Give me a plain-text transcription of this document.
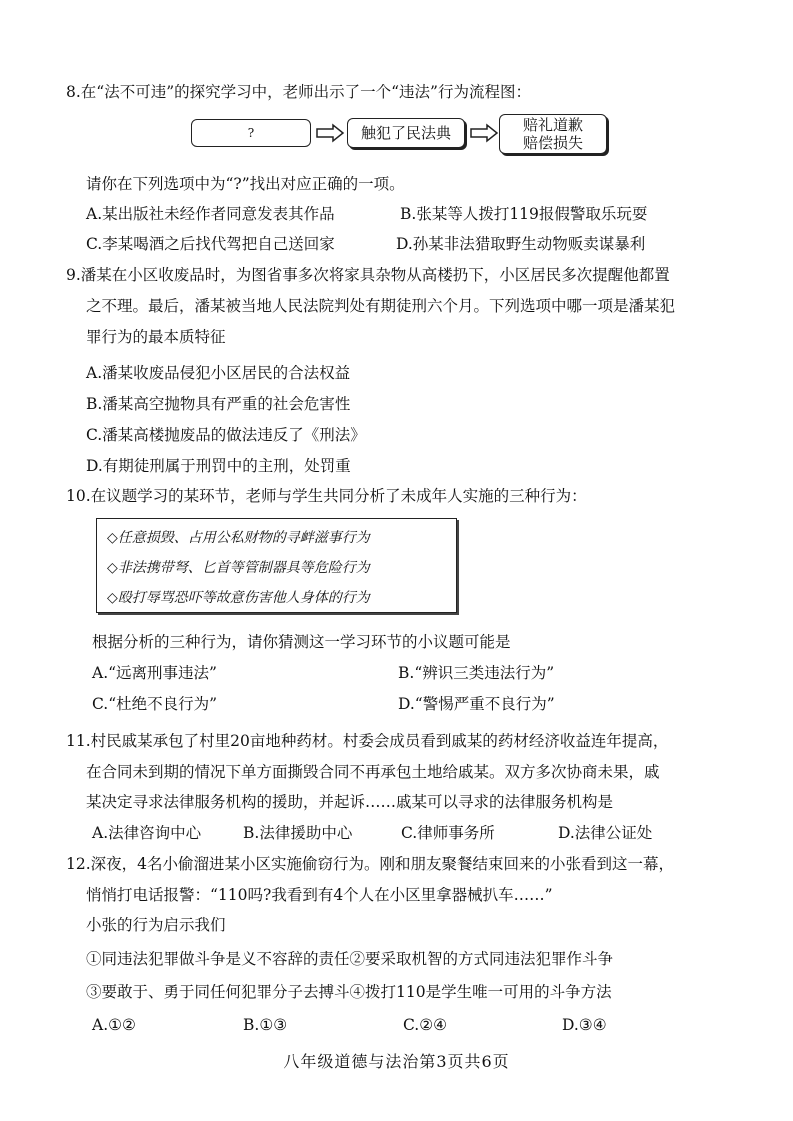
8.在“法不可违”的探究学习中，老师出示了一个“违法”行为流程图：
?	触犯了民法典	赔礼道歉
赔偿损失
请你在下列选项中为“?”找出对应正确的一项。
A.某出版社未经作者同意发表其作品	B.张某等人拨打119报假警取乐玩耍
C.李某喝酒之后找代驾把自己送回家	D.孙某非法猎取野生动物贩卖谋暴利
9.潘某在小区收废品时，为图省事多次将家具杂物从高楼扔下，小区居民多次提醒他都置
之不理。最后，潘某被当地人民法院判处有期徒刑六个月。下列选项中哪一项是潘某犯
罪行为的最本质特征
A.潘某收废品侵犯小区居民的合法权益
B.潘某高空抛物具有严重的社会危害性
C.潘某高楼抛废品的做法违反了《刑法》
D.有期徒刑属于刑罚中的主刑，处罚重
10.在议题学习的某环节，老师与学生共同分析了未成年人实施的三种行为：
◇任意损毁、占用公私财物的寻衅滋事行为
◇非法携带弩、匕首等管制器具等危险行为
◇殴打辱骂恐吓等故意伤害他人身体的行为
根据分析的三种行为，请你猜测这一学习环节的小议题可能是
A.“远离刑事违法”	B.“辨识三类违法行为”
C.“杜绝不良行为”	D.“警惕严重不良行为”
11.村民戚某承包了村里20亩地种药材。村委会成员看到戚某的药材经济收益连年提高，
在合同未到期的情况下单方面撕毁合同不再承包土地给戚某。双方多次协商未果，戚
某决定寻求法律服务机构的援助，并起诉……戚某可以寻求的法律服务机构是
A.法律咨询中心	B.法律援助中心	C.律师事务所	D.法律公证处
12.深夜，4名小偷溜进某小区实施偷窃行为。刚和朋友聚餐结束回来的小张看到这一幕，
悄悄打电话报警：“110吗?我看到有4个人在小区里拿器械扒车……”
小张的行为启示我们
①同违法犯罪做斗争是义不容辞的责任②要采取机智的方式同违法犯罪作斗争
③要敢于、勇于同任何犯罪分子去搏斗④拨打110是学生唯一可用的斗争方法
A.①②	B.①③	C.②④	D.③④
八年级道德与法治第3页共6页
